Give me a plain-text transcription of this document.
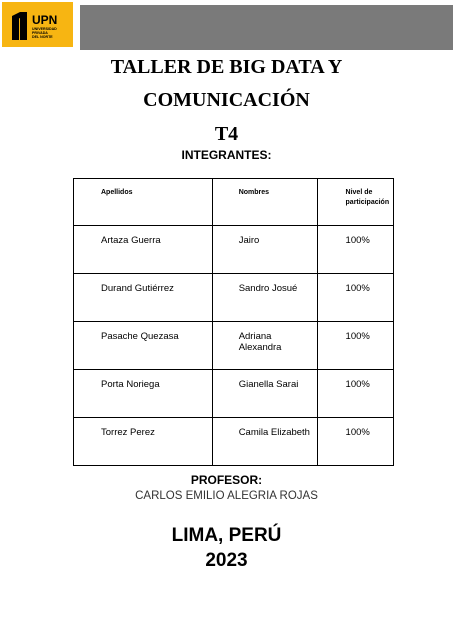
UPN
UNIVERSIDAD
PRIVADA
DEL NORTE
TALLER DE BIG DATA Y
COMUNICACIÓN
T4
INTEGRANTES:
Apellidos	Nombres	Nivel de participación
Artaza Guerra	Jairo	100%
Durand Gutiérrez	Sandro Josué	100%
Pasache Quezasa	Adriana Alexandra	100%
Porta Noriega	Gianella Sarai	100%
Torrez Perez	Camila Elizabeth	100%
PROFESOR:
CARLOS EMILIO ALEGRIA ROJAS
LIMA, PERÚ
2023
